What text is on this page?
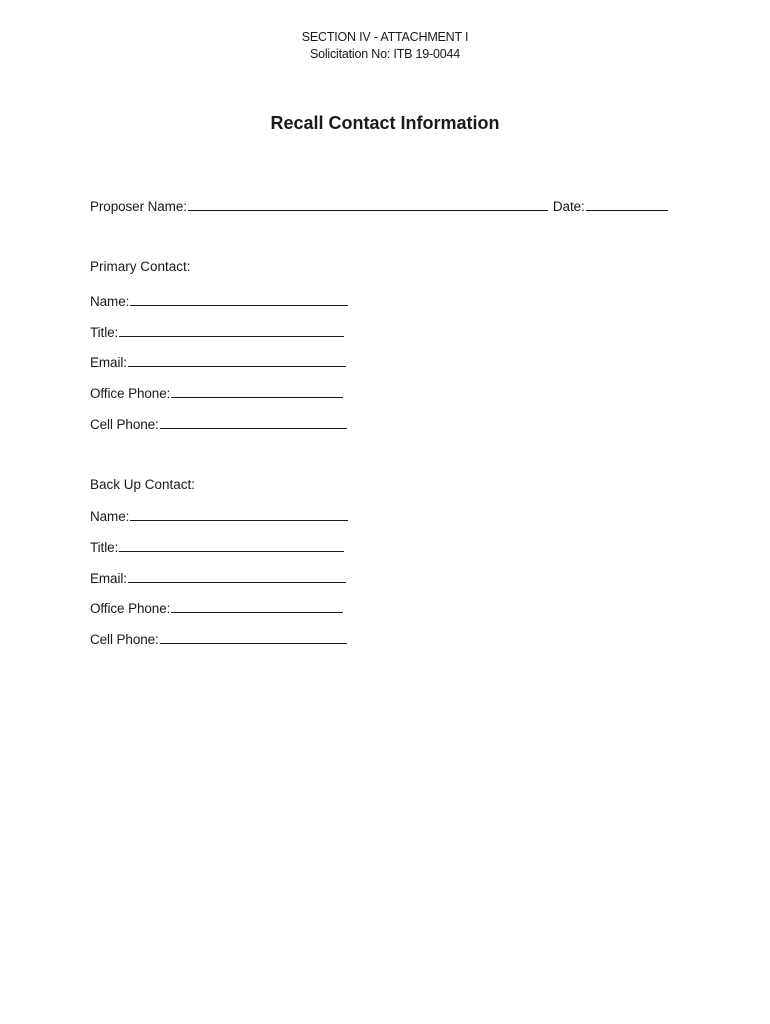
SECTION IV - ATTACHMENT I
Solicitation No: ITB 19-0044
Recall Contact Information
Proposer Name:	Date:
Primary Contact:
Name:
Title:
Email:
Office Phone:
Cell Phone:
Back Up Contact:
Name:
Title:
Email:
Office Phone:
Cell Phone:
